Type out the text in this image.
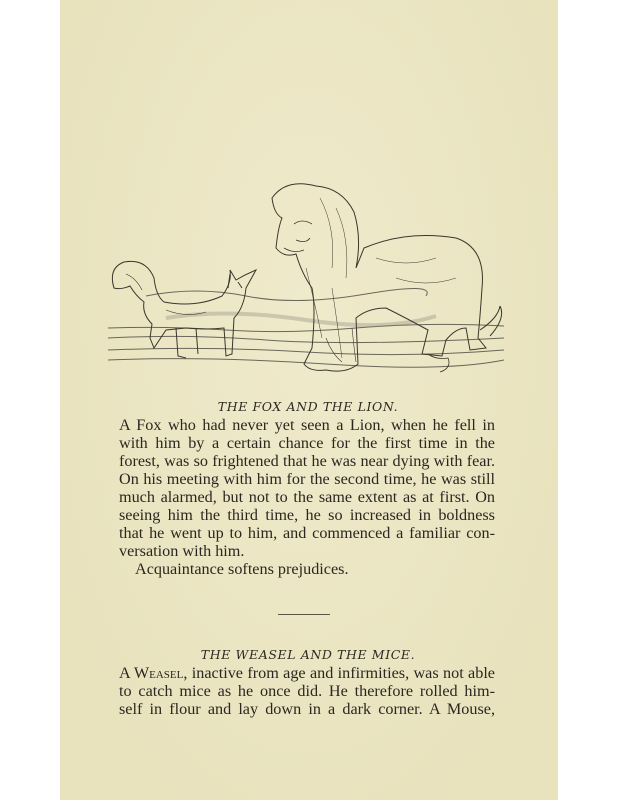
THE FOX AND THE LION.
A Fox who had never yet seen a Lion, when he fell in
with him by a certain chance for the first time in the
forest, was so frightened that he was near dying with fear.
On his meeting with him for the second time, he was still
much alarmed, but not to the same extent as at first. On
seeing him the third time, he so increased in boldness
that he went up to him, and commenced a familiar con-
versation with him.
Acquaintance softens prejudices.
THE WEASEL AND THE MICE.
A Weasel, inactive from age and infirmities, was not able
to catch mice as he once did. He therefore rolled him-
self in flour and lay down in a dark corner. A Mouse,
